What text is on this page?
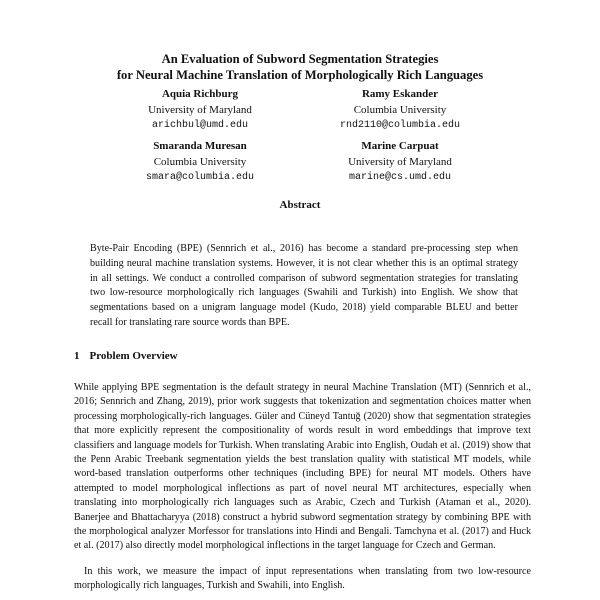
An Evaluation of Subword Segmentation Strategies
for Neural Machine Translation of Morphologically Rich Languages
Aquia Richburg
University of Maryland
arichbul@umd.edu
Ramy Eskander
Columbia University
rnd2110@columbia.edu
Smaranda Muresan
Columbia University
smara@columbia.edu
Marine Carpuat
University of Maryland
marine@cs.umd.edu
Abstract
Byte-Pair Encoding (BPE) (Sennrich et al., 2016) has become a standard pre-processing step when building neural machine translation systems. However, it is not clear whether this is an optimal strategy in all settings. We conduct a controlled comparison of subword segmentation strategies for translating two low-resource morphologically rich languages (Swahili and Turkish) into English. We show that segmentations based on a unigram language model (Kudo, 2018) yield comparable BLEU and better recall for translating rare source words than BPE.
1 Problem Overview
While applying BPE segmentation is the default strategy in neural Machine Translation (MT) (Sennrich et al., 2016; Sennrich and Zhang, 2019), prior work suggests that tokenization and segmentation choices matter when processing morphologically-rich languages. Güler and Cüneyd Tantuğ (2020) show that segmentation strategies that more explicitly represent the compositionality of words result in word embeddings that improve text classifiers and language models for Turkish. When translating Arabic into English, Oudah et al. (2019) show that the Penn Arabic Treebank segmentation yields the best translation quality with statistical MT models, while word-based translation outperforms other techniques (including BPE) for neural MT models. Others have attempted to model morphological inflections as part of novel neural MT architectures, especially when translating into morphologically rich languages such as Arabic, Czech and Turkish (Ataman et al., 2020). Banerjee and Bhattacharyya (2018) construct a hybrid subword segmentation strategy by combining BPE with the morphological analyzer Morfessor for translations into Hindi and Bengali. Tamchyna et al. (2017) and Huck et al. (2017) also directly model morphological inflections in the target language for Czech and German.
In this work, we measure the impact of input representations when translating from two low-resource morphologically rich languages, Turkish and Swahili, into English.
